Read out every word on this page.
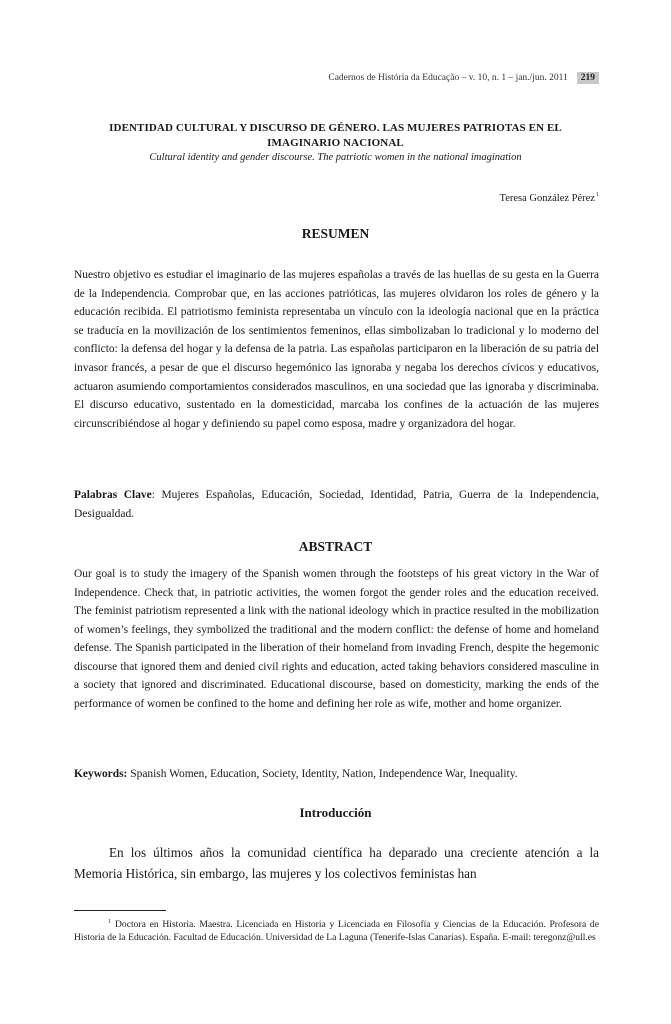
Cadernos de História da Educação – v. 10, n. 1 – jan./jun. 2011	219
IDENTIDAD CULTURAL Y DISCURSO DE GÉNERO. LAS MUJERES PATRIOTAS EN EL IMAGINARIO NACIONAL
Cultural identity and gender discourse. The patriotic women in the national imagination
Teresa González Pérez$^1$
RESUMEN

Nuestro objetivo es estudiar el imaginario de las mujeres españolas a través de las huellas de su gesta en la Guerra de la Independencia. Comprobar que, en las acciones patrióticas, las mujeres olvidaron los roles de género y la educación recibida. El patriotismo feminista representaba un vínculo con la ideología nacional que en la práctica se traducía en la movilización de los sentimientos femeninos, ellas simbolizaban lo tradicional y lo moderno del conflicto: la defensa del hogar y la defensa de la patria. Las españolas participaron en la liberación de su patria del invasor francés, a pesar de que el discurso hegemónico las ignoraba y negaba los derechos cívicos y educativos, actuaron asumiendo comportamientos considerados masculinos, en una sociedad que las ignoraba y discriminaba. El discurso educativo, sustentado en la domesticidad, marcaba los confines de la actuación de las mujeres circunscribiéndose al hogar y definiendo su papel como esposa, madre y organizadora del hogar.

Palabras Clave: Mujeres Españolas, Educación, Sociedad, Identidad, Patria, Guerra de la Independencia, Desigualdad.

ABSTRACT

Our goal is to study the imagery of the Spanish women through the footsteps of his great victory in the War of Independence. Check that, in patriotic activities, the women forgot the gender roles and the education received. The feminist patriotism represented a link with the national ideology which in practice resulted in the mobilization of women’s feelings, they symbolized the traditional and the modern conflict: the defense of home and homeland defense. The Spanish participated in the liberation of their homeland from invading French, despite the hegemonic discourse that ignored them and denied civil rights and education, acted taking behaviors considered masculine in a society that ignored and discriminated. Educational discourse, based on domesticity, marking the ends of the performance of women be confined to the home and defining her role as wife, mother and home organizer.

Keywords: Spanish Women, Education, Society, Identity, Nation, Independence War, Inequality.

Introducción

En los últimos años la comunidad científica ha deparado una creciente atención a la Memoria Histórica, sin embargo, las mujeres y los colectivos feministas han

$^1$ Doctora en Historia. Maestra. Licenciada en Historia y Licenciada en Filosofía y Ciencias de la Educación. Profesora de Historia de la Educación. Facultad de Educación. Universidad de La Laguna (Tenerife-Islas Canarias). España. E-mail: teregonz@ull.es
